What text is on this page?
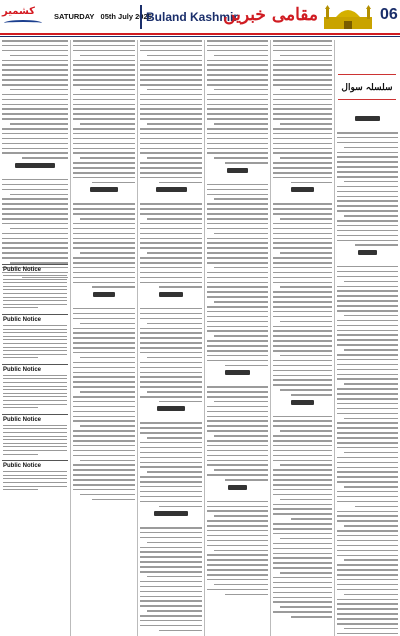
کشمیر	SATURDAY 05th July 2025
Buland Kashmir
مقامی خبریں	06
Public Notice
Public Notice
Public Notice
Public Notice
Public Notice
سلسلہ سوال
